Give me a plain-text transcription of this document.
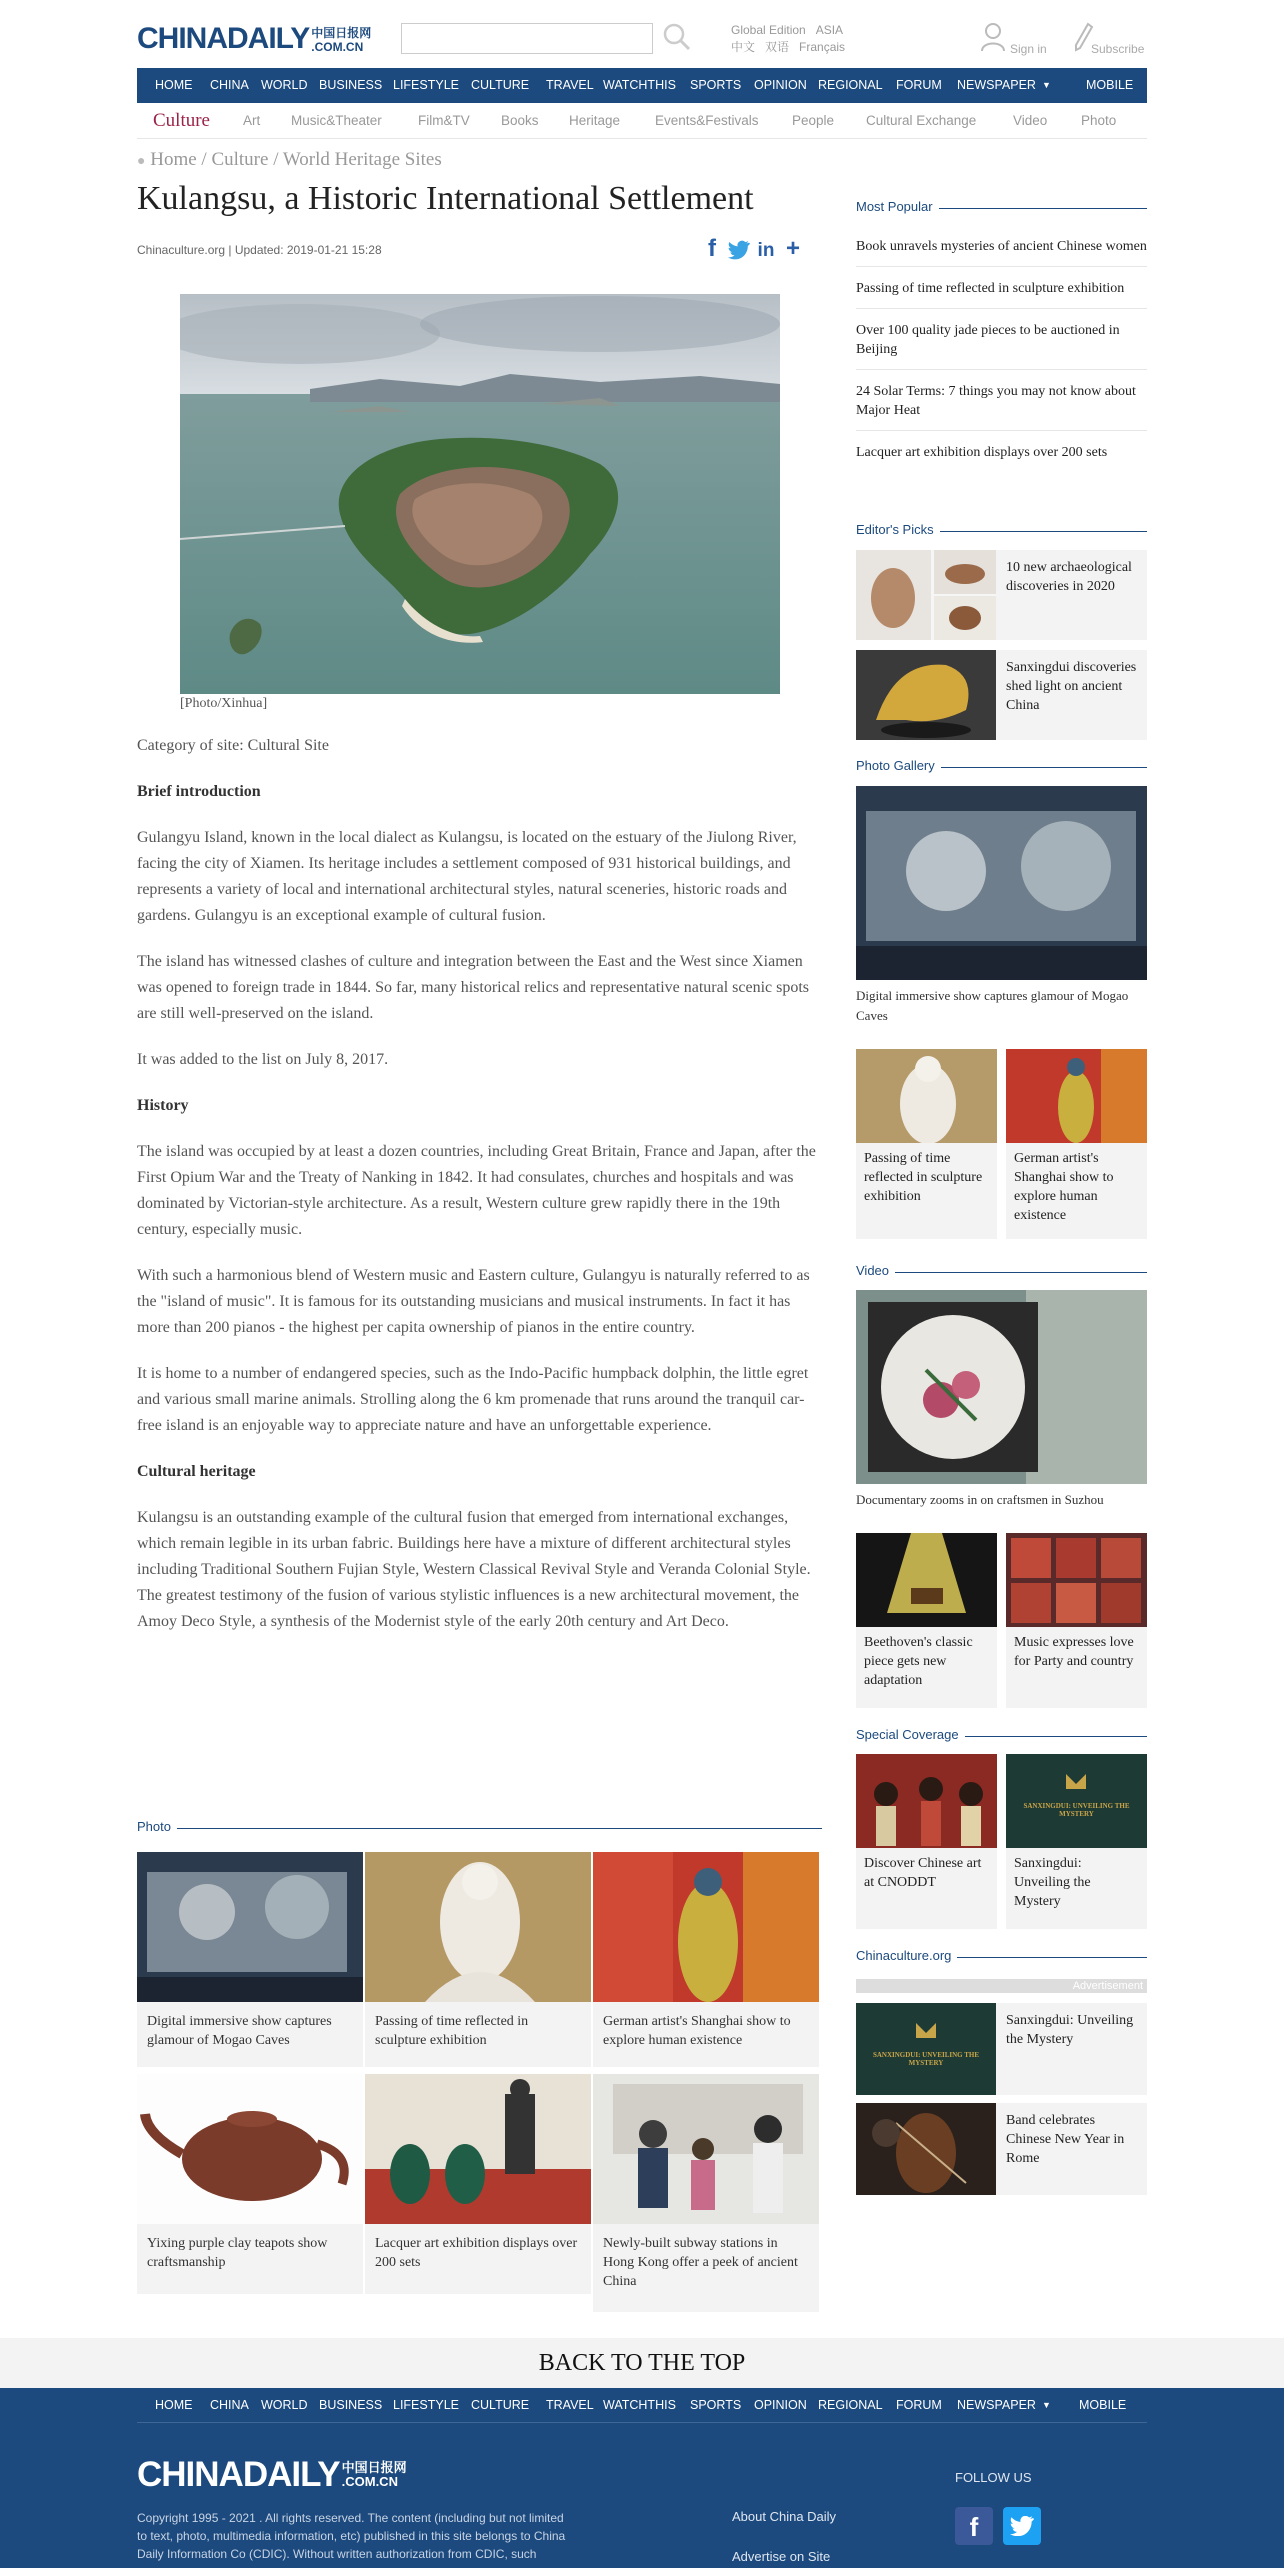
CHINADAILY 中国日报网
.COM.CN
Global Edition ASIA
中文 双语 Français	Sign in	Subscribe
HOME CHINA WORLD BUSINESS LIFESTYLE CULTURE TRAVEL WATCHTHIS SPORTS OPINION REGIONAL FORUM NEWSPAPER ▼	MOBILE
Culture Art Music&Theater	Film&TV Books Heritage	Events&Festivals People Cultural Exchange	Video Photo
● Home / Culture / World Heritage Sites
Kulangsu, a Historic International Settlement
Chinaculture.org | Updated: 2019-01-21 15:28	f in +
[Photo/Xinhua]

Category of site: Cultural Site

Brief introduction

Gulangyu Island, known in the local dialect as Kulangsu, is located on the estuary of the Jiulong River, facing the city of Xiamen. Its heritage includes a settlement composed of 931 historical buildings, and represents a variety of local and international architectural styles, natural sceneries, historic roads and gardens. Gulangyu is an exceptional example of cultural fusion.

The island has witnessed clashes of culture and integration between the East and the West since Xiamen was opened to foreign trade in 1844. So far, many historical relics and representative natural scenic spots are still well-preserved on the island.

It was added to the list on July 8, 2017.

History

The island was occupied by at least a dozen countries, including Great Britain, France and Japan, after the First Opium War and the Treaty of Nanking in 1842. It had consulates, churches and hospitals and was dominated by Victorian-style architecture. As a result, Western culture grew rapidly there in the 19th century, especially music.

With such a harmonious blend of Western music and Eastern culture, Gulangyu is naturally referred to as the "island of music". It is famous for its outstanding musicians and musical instruments. In fact it has more than 200 pianos - the highest per capita ownership of pianos in the entire country.

It is home to a number of endangered species, such as the Indo-Pacific humpback dolphin, the little egret and various small marine animals. Strolling along the 6 km promenade that runs around the tranquil car-free island is an enjoyable way to appreciate nature and have an unforgettable experience.

Cultural heritage

Kulangsu is an outstanding example of the cultural fusion that emerged from international exchanges, which remain legible in its urban fabric. Buildings here have a mixture of different architectural styles including Traditional Southern Fujian Style, Western Classical Revival Style and Veranda Colonial Style. The greatest testimony of the fusion of various stylistic influences is a new architectural movement, the Amoy Deco Style, a synthesis of the Modernist style of the early 20th century and Art Deco.

Photo
Digital immersive show captures glamour of Mogao Caves
Passing of time reflected in sculpture exhibition
German artist's Shanghai show to explore human existence
Yixing purple clay teapots show craftsmanship
Lacquer art exhibition displays over 200 sets
Newly-built subway stations in Hong Kong offer a peek of ancient China
Most Popular
Book unravels mysteries of ancient Chinese women
Passing of time reflected in sculpture exhibition
Over 100 quality jade pieces to be auctioned in Beijing
24 Solar Terms: 7 things you may not know about Major Heat
Lacquer art exhibition displays over 200 sets
Editor's Picks
10 new archaeological discoveries in 2020
Sanxingdui discoveries shed light on ancient China
Photo Gallery
Digital immersive show captures glamour of Mogao Caves
Passing of time reflected in sculpture exhibition
German artist's Shanghai show to explore human existence
Video
Documentary zooms in on craftsmen in Suzhou
Beethoven's classic piece gets new adaptation
Music expresses love for Party and country
Special Coverage
Discover Chinese art at CNODDT
SANXINGDUI: UNVEILING THE MYSTERY
Sanxingdui: Unveiling the Mystery
Chinaculture.org
Advertisement
SANXINGDUI: UNVEILING THE MYSTERY
Sanxingdui: Unveiling the Mystery
Band celebrates Chinese New Year in Rome
BACK TO THE TOP
HOME CHINA WORLD BUSINESS LIFESTYLE CULTURE TRAVEL WATCHTHIS SPORTS OPINION REGIONAL FORUM NEWSPAPER ▼ MOBILE
CHINADAILY 中国日报网
.COM.CN
Copyright 1995 - 2021 . All rights reserved. The content (including but not limited to text, photo, multimedia information, etc) published in this site belongs to China Daily Information Co (CDIC). Without written authorization from CDIC, such
About China Daily
Advertise on Site
FOLLOW US
f
